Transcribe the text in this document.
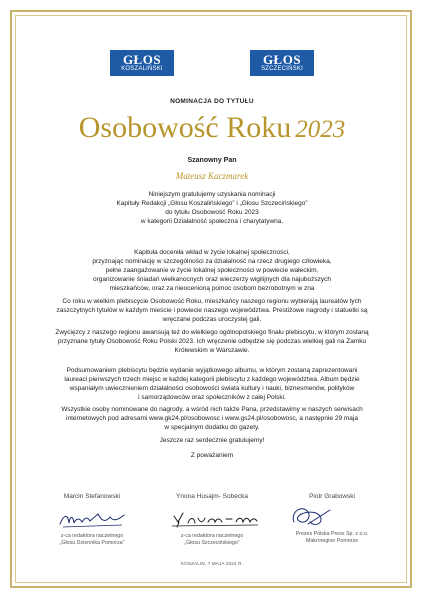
GŁOS
KOSZALIŃSKI
GŁOS
SZCZECIŃSKI
NOMINACJA DO TYTUŁU
Osobowość Roku 2023
Szanowny Pan
Mateusz Kaczmarek
Niniejszym gratulujemy uzyskania nominacji
Kapituły Redakcji „Głosu Koszalińskiego” i „Głosu Szczecińskiego”
do tytułu Osobowość Roku 2023
w kategorii Działalność społeczna i charytatywna.
Kapituła doceniła wkład w życie lokalnej społeczności,
przyznając nominację w szczególności za działalność na rzecz drugiego człowieka,
pełne zaangażowanie w życie lokalnej społeczności w powiecie wałeckim,
organizowanie śniadań wielkanocnych oraz wieczerzy wigilijnych dla najuboższych
mieszkańców, oraz za nieocenioną pomoc osobom bezrobotnym w zna
Co roku w wielkim plebiscycie Osobowość Roku, mieszkańcy naszego regionu wybierają laureatów tych
zaszczytnych tytułów w każdym mieście i powiecie naszego województwa. Prestiżowe nagrody i statuetki są
wręczane podczas uroczystej gali.
Zwycięzcy z naszego regionu awansują też do wielkiego ogólnopolskiego finału plebiscytu, w którym zostaną
przyznane tytuły Osobowość Roku Polski 2023. Ich wręczenie odbędzie się podczas wielkiej gali na Zamku
Królewskim w Warszawie.
Podsumowaniem plebiscytu będzie wydanie wyjątkowego albumu, w którym zostaną zaprezentowani
laureaci pierwszych trzech miejsc w każdej kategorii plebiscytu z każdego województwa. Album będzie
wspaniałym uwiecznieniem działalności osobowości świata kultury i nauki, biznesmenów, polityków
i samorządowców oraz społeczników z całej Polski.
Wszystkie osoby nominowane do nagrody, a wśród nich także Pana, przedstawimy w naszych serwisach
internetowych pod adresami www.gk24.pl/osobowosc i www.gs24.pl/osobowosc, a następnie 29 maja
w specjalnym dodatku do gazety.
Jeszcze raz serdecznie gratulujemy!
Z poważaniem
Marcin Stefanowski	Ynona Husajm- Sobecka	Piotr Grabowski
z-ca redaktora naczelnego
„Głosu Dziennika Pomorza”
z-ca redaktora naczelnego
„Głosu Szczecińskiego”
Prezes Polska Press Sp. z o.o.
Makroregion Pomorze
KOSZALIN, 7 MAJA 2024 R.
